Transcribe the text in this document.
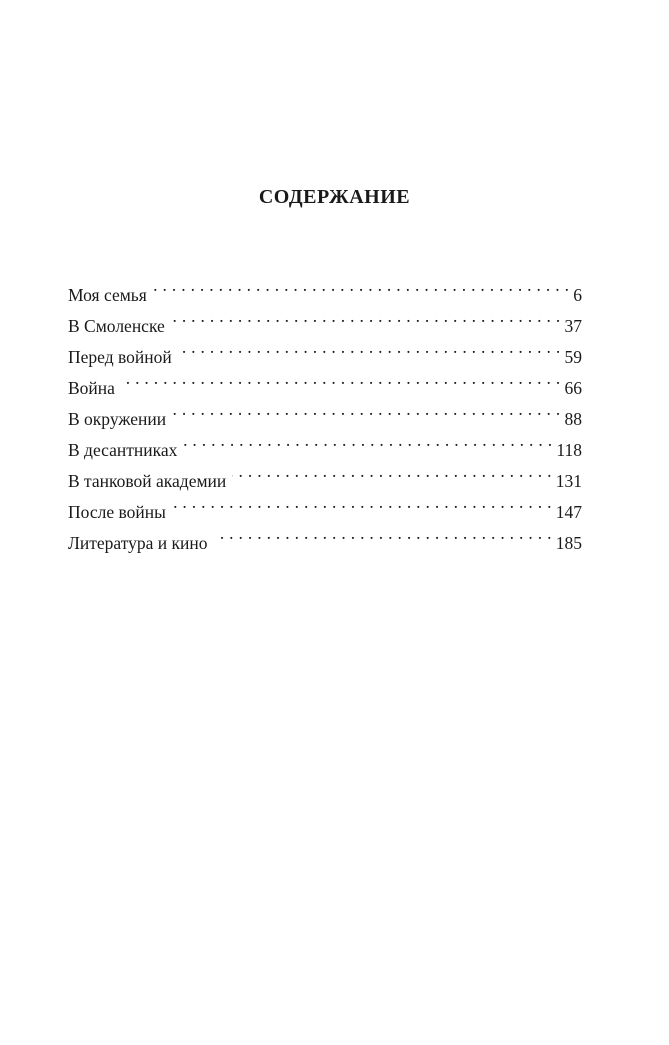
СОДЕРЖАНИЕ
Моя семья . . .	6
В Смоленске . . .	37
Перед войной . . .	59
Война . . .	66
В окружении . . .	88
В десантниках . . .	118
В танковой академии . . .	131
После войны . . .	147
Литература и кино . . .	185
